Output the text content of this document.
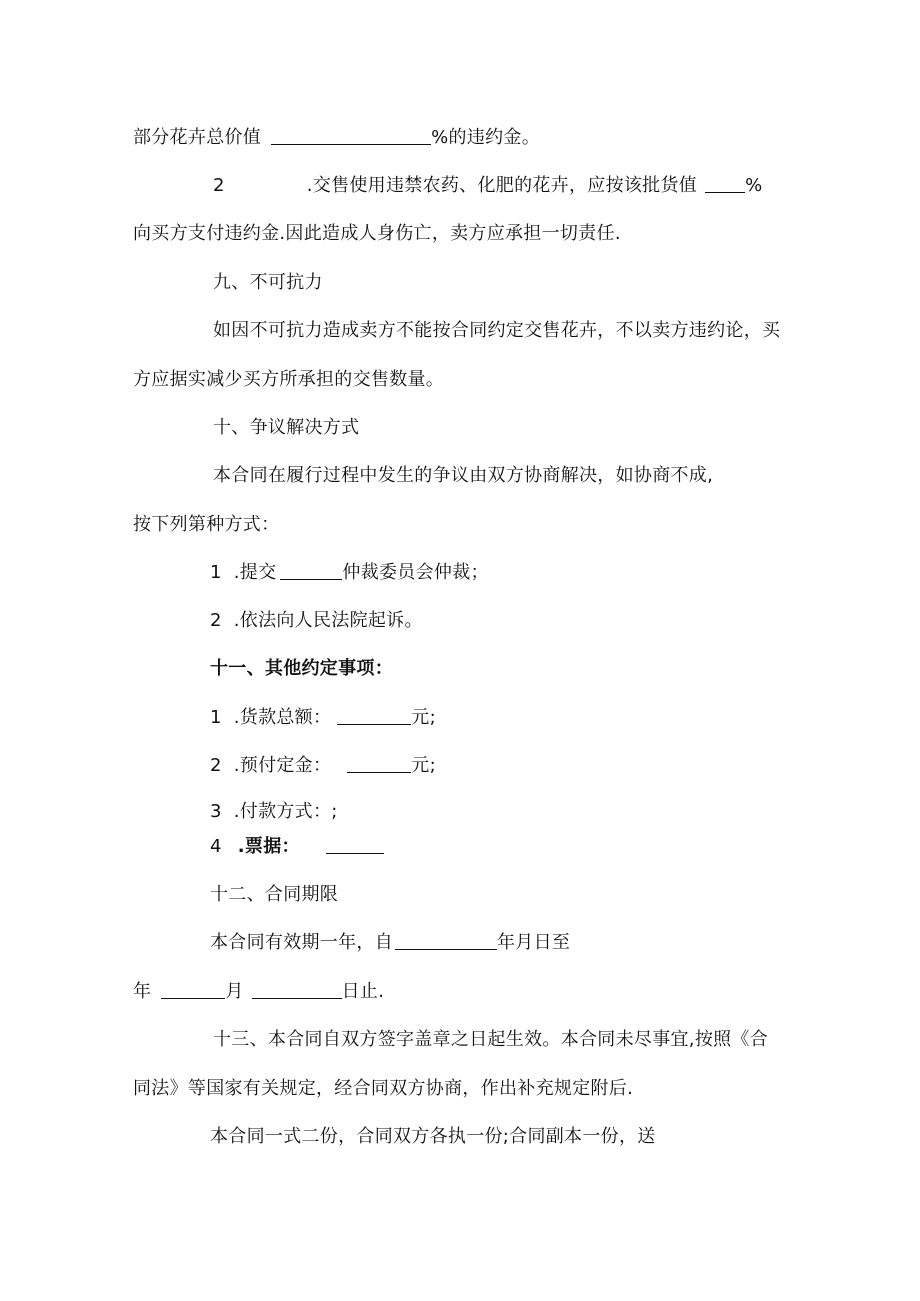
部分花卉总价值	%的违约金。
2	.交售使用违禁农药、化肥的花卉，应按该批货值	%
向买方支付违约金.因此造成人身伤亡，卖方应承担一切责任.
九、不可抗力
如因不可抗力造成卖方不能按合同约定交售花卉，不以卖方违约论，买
方应据实减少买方所承担的交售数量。
十、争议解决方式
本合同在履行过程中发生的争议由双方协商解决，如协商不成,
按下列第种方式：
1 .提交	仲裁委员会仲裁；
2 .依法向人民法院起诉。
十一、其他约定事项：
1 .货款总额：	元;
2 .预付定金：	元;
3 .付款方式：;
4 .票据：
十二、合同期限
本合同有效期一年，自	年月日至
年	月	日止.
十三、本合同自双方签字盖章之日起生效。本合同未尽事宜,按照《合
同法》等国家有关规定，经合同双方协商，作出补充规定附后.
本合同一式二份，合同双方各执一份;合同副本一份，送
